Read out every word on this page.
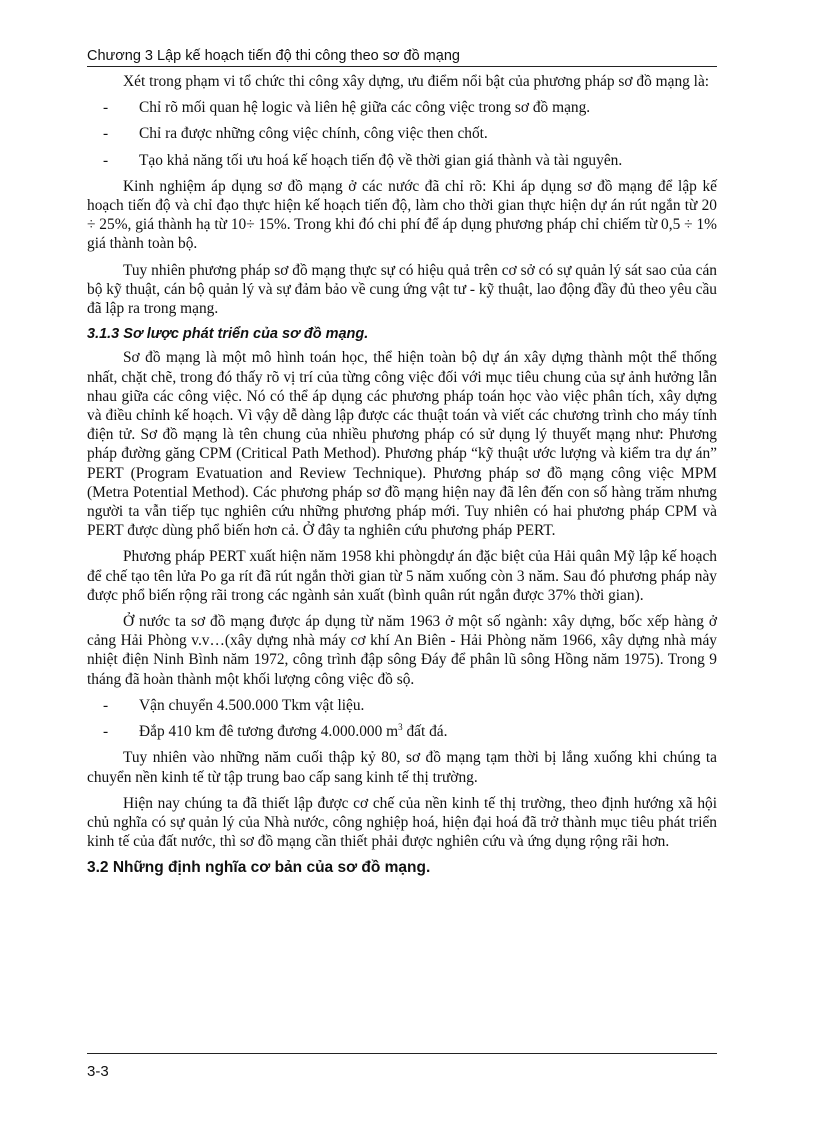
Chương 3 Lập kế hoạch tiến độ thi công theo sơ đồ mạng

Xét trong phạm vi tổ chức thi công xây dựng, ưu điểm nổi bật của phương pháp sơ đồ mạng là:

-	Chỉ rõ mối quan hệ logic và liên hệ giữa các công việc trong sơ đồ mạng.
-	Chỉ ra được những công việc chính, công việc then chốt.
-	Tạo khả năng tối ưu hoá kế hoạch tiến độ về thời gian giá thành và tài nguyên.

Kinh nghiệm áp dụng sơ đồ mạng ở các nước đã chỉ rõ: Khi áp dụng sơ đồ mạng để lập kế hoạch tiến độ và chỉ đạo thực hiện kế hoạch tiến độ, làm cho thời gian thực hiện dự án rút ngắn từ 20 ÷ 25%, giá thành hạ từ 10÷ 15%. Trong khi đó chi phí để áp dụng phương pháp chỉ chiếm từ 0,5 ÷ 1% giá thành toàn bộ.

Tuy nhiên phương pháp sơ đồ mạng thực sự có hiệu quả trên cơ sở có sự quản lý sát sao của cán bộ kỹ thuật, cán bộ quản lý và sự đảm bảo về cung ứng vật tư - kỹ thuật, lao động đầy đủ theo yêu cầu đã lập ra trong mạng.

3.1.3 Sơ lược phát triển của sơ đồ mạng.

Sơ đồ mạng là một mô hình toán học, thể hiện toàn bộ dự án xây dựng thành một thể thống nhất, chặt chẽ, trong đó thấy rõ vị trí của từng công việc đối với mục tiêu chung của sự ảnh hưởng lẫn nhau giữa các công việc. Nó có thể áp dụng các phương pháp toán học vào việc phân tích, xây dựng và điều chỉnh kế hoạch. Vì vậy dễ dàng lập được các thuật toán và viết các chương trình cho máy tính điện tử. Sơ đồ mạng là tên chung của nhiều phương pháp có sử dụng lý thuyết mạng như: Phương pháp đường găng CPM (Critical Path Method). Phương pháp “kỹ thuật ước lượng và kiểm tra dự án” PERT (Program Evatuation and Review Technique). Phương pháp sơ đồ mạng công việc MPM (Metra Potential Method). Các phương pháp sơ đồ mạng hiện nay đã lên đến con số hàng trăm nhưng người ta vẫn tiếp tục nghiên cứu những phương pháp mới. Tuy nhiên có hai phương pháp CPM và PERT được dùng phổ biến hơn cả. Ở đây ta nghiên cứu phương pháp PERT.

Phương pháp PERT xuất hiện năm 1958 khi phòngdự án đặc biệt của Hải quân Mỹ lập kế hoạch để chế tạo tên lửa Po ga rít đã rút ngắn thời gian từ 5 năm xuống còn 3 năm. Sau đó phương pháp này được phổ biến rộng rãi trong các ngành sản xuất (bình quân rút ngắn được 37% thời gian).

Ở nước ta sơ đồ mạng được áp dụng từ năm 1963 ở một số ngành: xây dựng, bốc xếp hàng ở cảng Hải Phòng v.v…(xây dựng nhà máy cơ khí An Biên - Hải Phòng năm 1966, xây dựng nhà máy nhiệt điện Ninh Bình năm 1972, công trình đập sông Đáy để phân lũ sông Hồng năm 1975). Trong 9 tháng đã hoàn thành một khối lượng công việc đồ sộ.

-	Vận chuyển 4.500.000 Tkm vật liệu.
-	Đắp 410 km đê tương đương 4.000.000 $m^3$ đất đá.

Tuy nhiên vào những năm cuối thập kỷ 80, sơ đồ mạng tạm thời bị lắng xuống khi chúng ta chuyển nền kinh tế từ tập trung bao cấp sang kinh tế thị trường.

Hiện nay chúng ta đã thiết lập được cơ chế của nền kinh tế thị trường, theo định hướng xã hội chủ nghĩa có sự quản lý của Nhà nước, công nghiệp hoá, hiện đại hoá đã trở thành mục tiêu phát triển kinh tế của đất nước, thì sơ đồ mạng cần thiết phải được nghiên cứu và ứng dụng rộng rãi hơn.

3.2 Những định nghĩa cơ bản của sơ đồ mạng.
3-3
